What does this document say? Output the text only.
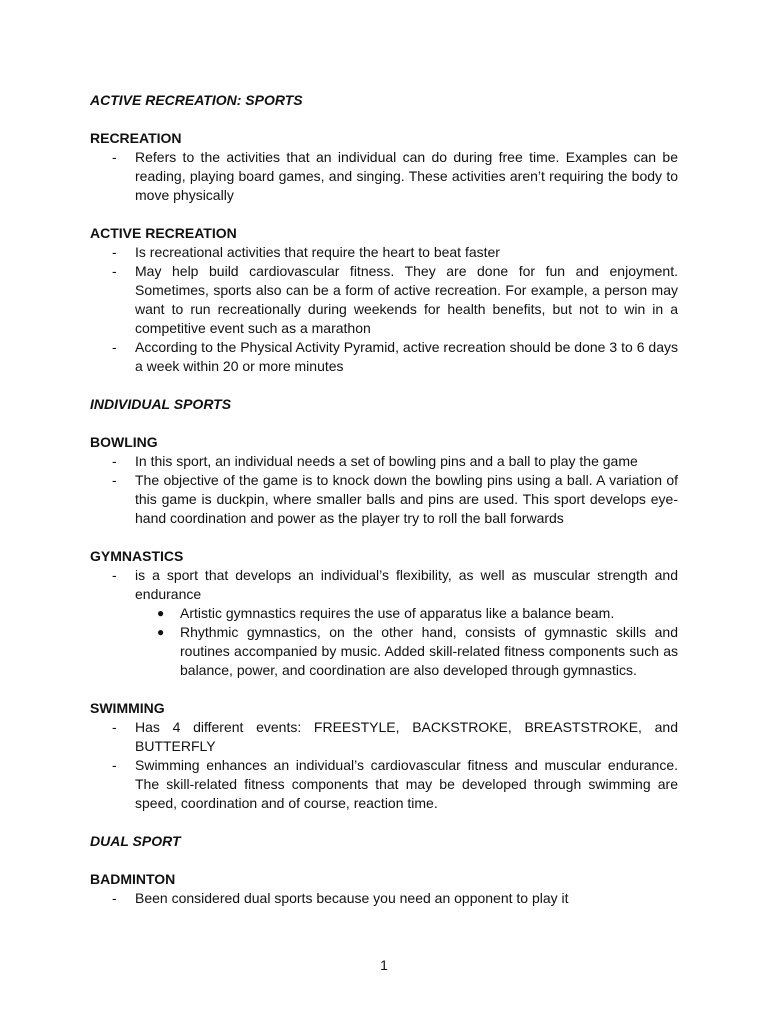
ACTIVE RECREATION: SPORTS

RECREATION

- Refers to the activities that an individual can do during free time. Examples can be reading, playing board games, and singing. These activities aren’t requiring the body to move physically

ACTIVE RECREATION

- Is recreational activities that require the heart to beat faster
- May help build cardiovascular fitness. They are done for fun and enjoyment. Sometimes, sports also can be a form of active recreation. For example, a person may want to run recreationally during weekends for health benefits, but not to win in a competitive event such as a marathon
- According to the Physical Activity Pyramid, active recreation should be done 3 to 6 days a week within 20 or more minutes

INDIVIDUAL SPORTS

BOWLING

- In this sport, an individual needs a set of bowling pins and a ball to play the game
- The objective of the game is to knock down the bowling pins using a ball. A variation of this game is duckpin, where smaller balls and pins are used. This sport develops eye-hand coordination and power as the player try to roll the ball forwards

GYMNASTICS

- is a sport that develops an individual’s flexibility, as well as muscular strength and endurance
● Artistic gymnastics requires the use of apparatus like a balance beam.
● Rhythmic gymnastics, on the other hand, consists of gymnastic skills and routines accompanied by music. Added skill-related fitness components such as balance, power, and coordination are also developed through gymnastics.

SWIMMING

- Has 4 different events: FREESTYLE, BACKSTROKE, BREASTSTROKE, and BUTTERFLY
- Swimming enhances an individual’s cardiovascular fitness and muscular endurance. The skill-related fitness components that may be developed through swimming are speed, coordination and of course, reaction time.

DUAL SPORT

BADMINTON

- Been considered dual sports because you need an opponent to play it
1
